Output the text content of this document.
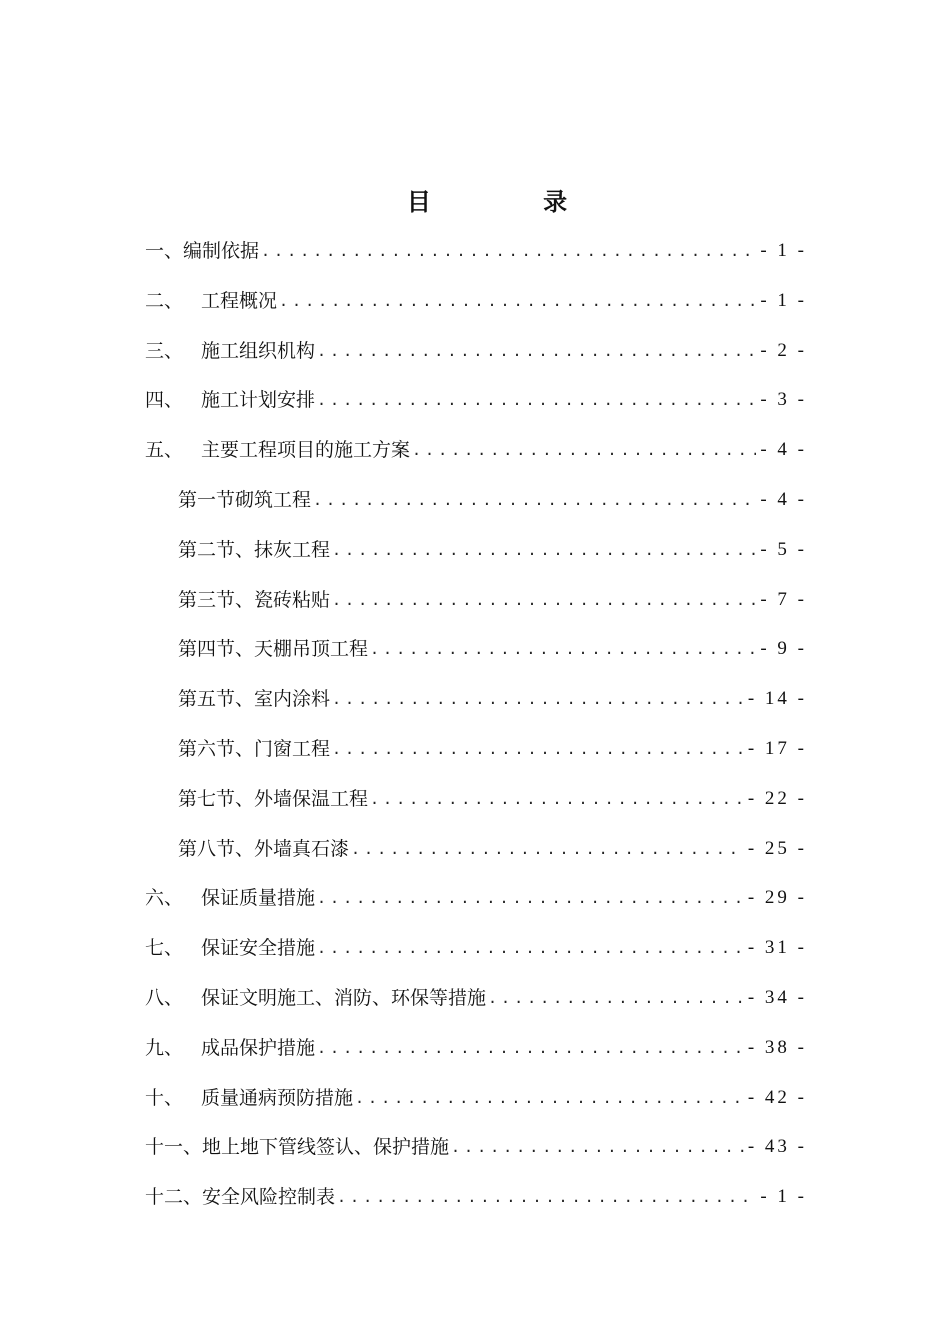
目 录
一、 编制依据 .....	- 1 -
二、 工程概况 .....	- 1 -
三、 施工组织机构 .....	- 2 -
四、 施工计划安排 .....	- 3 -
五、 主要工程项目的施工方案 .....	- 4 -
第一节 砌筑工程 .....	- 4 -
第二节、 抹灰工程 .....	- 5 -
第三节、 瓷砖粘贴 .....	- 7 -
第四节、 天棚吊顶工程 .....	- 9 -
第五节、 室内涂料 .....	- 14 -
第六节、 门窗工程 .....	- 17 -
第七节、 外墙保温工程 .....	- 22 -
第八节、 外墙真石漆 .....	- 25 -
六、 保证质量措施 .....	- 29 -
七、 保证安全措施 .....	- 31 -
八、 保证文明施工、消防、环保等措施 .....	- 34 -
九、 成品保护措施 .....	- 38 -
十、 质量通病预防措施 .....	- 42 -
十一、 地上地下管线签认、保护措施 .....	- 43 -
十二、 安全风险控制表 .....	- 1 -
